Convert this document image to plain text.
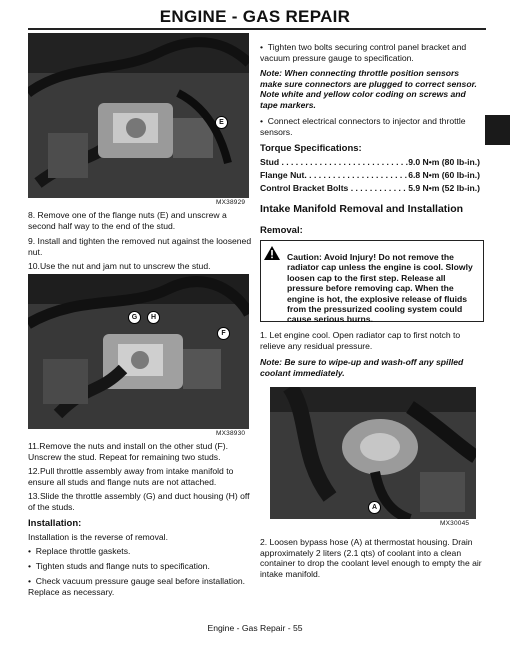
ENGINE - GAS REPAIR
E
MX38929
8. Remove one of the flange nuts (E) and unscrew a second half way to the end of the stud.
9. Install and tighten the removed nut against the loosened nut.
10.Use the nut and jam nut to unscrew the stud.
G	H
F
MX38930
11.Remove the nuts and install on the other stud (F). Unscrew the stud. Repeat for remaining two studs.
12.Pull throttle assembly away from intake manifold to ensure all studs and flange nuts are not attached.
13.Slide the throttle assembly (G) and duct housing (H) off of the studs.
Installation:
Installation is the reverse of removal.
•  Replace throttle gaskets.
•  Tighten studs and flange nuts to specification.
•  Check vacuum pressure gauge seal before installation. Replace as necessary.
•  Tighten two bolts securing control panel bracket and vacuum pressure gauge to specification.
Note: When connecting throttle position sensors make sure connectors are plugged to correct sensor. Note white and yellow color coding on screws and tape markers.
•  Connect electrical connectors to injector and throttle sensors.
Torque Specifications:
Stud . . . . . . . . . . . . . . . . . . . . . . . . . . . 9.0 N•m (80 lb-in.)
Flange Nut. . . . . . . . . . . . . . . . . . . . . . 6.8 N•m (60 lb-in.)
Control Bracket Bolts . . . . . . . . . . . . 5.9 N•m (52 lb-in.)
Intake Manifold Removal and Installation
Removal:
Caution: Avoid Injury! Do not remove the radiator cap unless the engine is cool. Slowly loosen cap to the first step. Release all pressure before removing cap. When the engine is hot, the explosive release of fluids from the pressurized cooling system could cause serious burns.
1. Let engine cool. Open radiator cap to first notch to relieve any residual pressure.
Note: Be sure to wipe-up and wash-off any spilled coolant immediately.
A
MX30045
2. Loosen bypass hose (A) at thermostat housing. Drain approximately 2 liters (2.1 qts) of coolant into a clean container to drop the coolant level enough to empty the air intake manifold.
Engine - Gas Repair - 55
